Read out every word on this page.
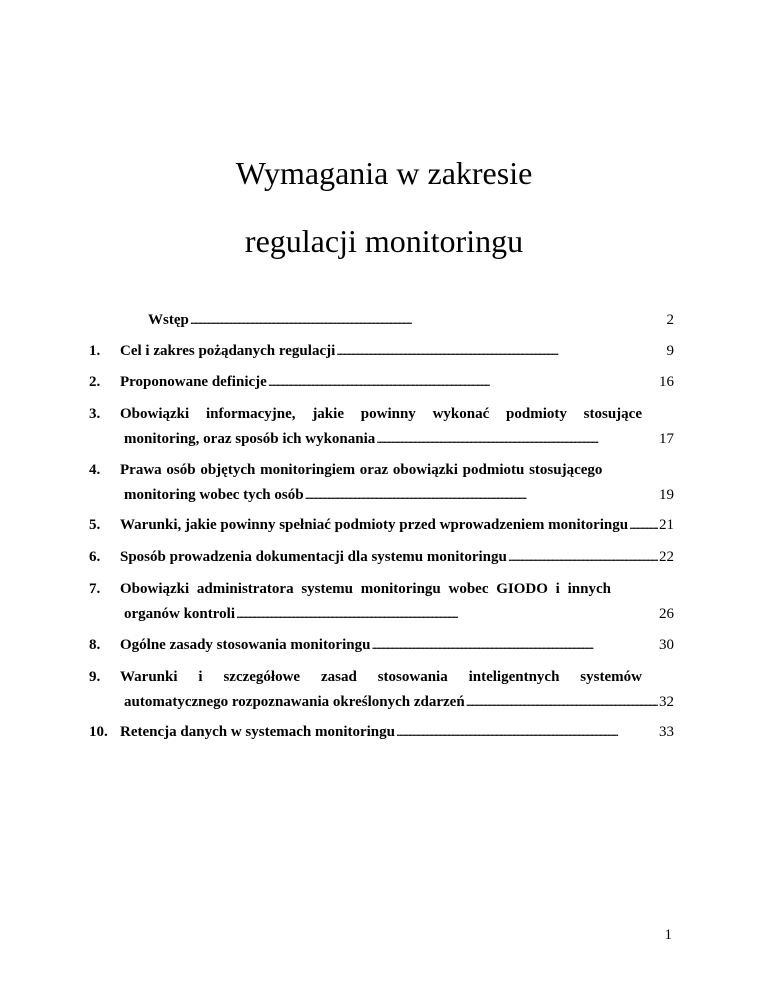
Wymagania w zakresie
regulacji monitoringu
Wstęp . . .	2
1. Cel i zakres pożądanych regulacji . . .	9
2. Proponowane definicje . . .	16
3. Obowiązki informacyjne, jakie powinny wykonać podmioty stosujące
monitoring, oraz sposób ich wykonania . . .	17
4. Prawa osób objętych monitoringiem oraz obowiązki podmiotu stosującego
monitoring wobec tych osób . . .	19
5. Warunki, jakie powinny spełniać podmioty przed wprowadzeniem monitoringu . . . 21
6. Sposób prowadzenia dokumentacji dla systemu monitoringu . . .	22
7. Obowiązki administratora systemu monitoringu wobec GIODO i innych
organów kontroli . . .	26
8. Ogólne zasady stosowania monitoringu . . .	30
9. Warunki i szczegółowe zasad stosowania inteligentnych systemów
automatycznego rozpoznawania określonych zdarzeń . . .	32
10. Retencja danych w systemach monitoringu . . .	33
1
